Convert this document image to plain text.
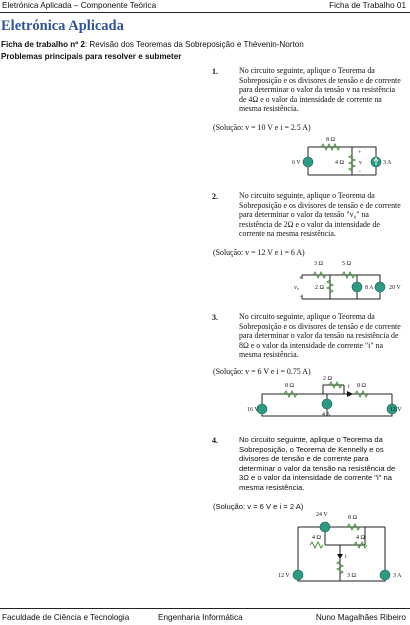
Eletrónica Aplicada – Componente Teórica	Ficha de Trabalho 01
Eletrónica Aplicada
Ficha de trabalho nº 2: Revisão dos Teoremas da Sobreposição e Thévenin-Norton
Problemas principais para resolver e submeter
1.	No circuito seguinte, aplique o Teorema da Sobreposição e os divisores de tensão e de corrente para determinar o valor da tensão v na resistência de 4Ω e o valor da intensidade de corrente na mesma resistência.
(Solução: v = 10 V e i = 2.5 A)
8 Ω
6 V	4 Ω	3 A
+
v
−
2.	No circuito seguinte, aplique o Teorema da Sobreposição e os divisores de tensão e de corrente para determinar o valor da tensão "v₀" na resistência de 2Ω e o valor da intensidade de corrente na mesma resistência.
(Solução: v = 12 V e i = 6 A)
3 Ω	5 Ω
+
v₀
−
2 Ω	8 A	20 V
3.	No circuito seguinte, aplique o Teorema da Sobreposição e os divisores de tensão e de corrente para determinar o valor da tensão na resistência de 8Ω e o valor da intensidade de corrente "i" na mesma resistência.
(Solução: v = 6 V e i = 0.75 A)
2 Ω
8 Ω	i 8 Ω
16 V
4 A
12 V
4.	No circuito seguinte, aplique o Teorema da Sobreposição, o Teorema de Kennelly e os divisores de tensão e de corrente para determinar o valor da tensão na resistência de 3Ω e o valor da intensidade de corrente "i" na mesma resistência.
(Solução: v = 6 V e i = 2 A)
24 V	8 Ω
4 Ω	4 Ω
i
12 V	3 Ω	3 A
Faculdade de Ciência e Tecnologia	Engenharia Informática	Nuno Magalhães Ribeiro
